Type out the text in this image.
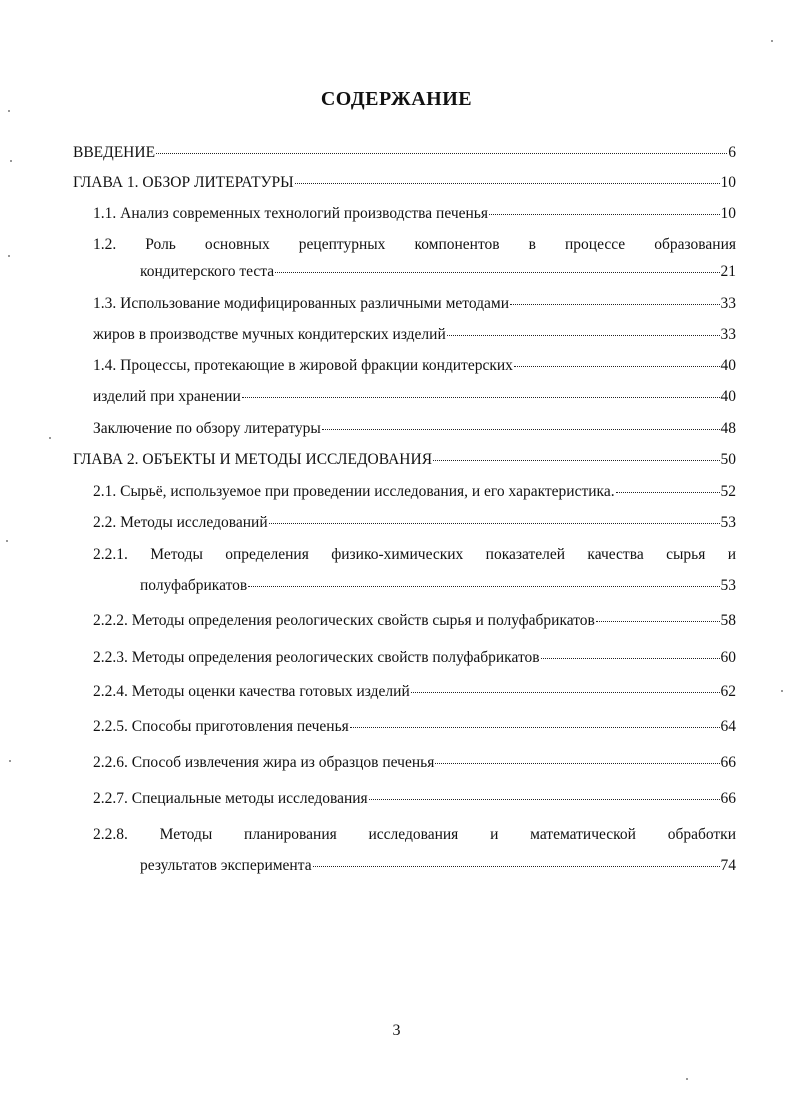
СОДЕРЖАНИЕ
ВВЕДЕНИЕ	6
ГЛАВА 1. ОБЗОР ЛИТЕРАТУРЫ	10
1.1. Анализ современных технологий производства печенья	10
1.2. Роль основных рецептурных компонентов в процессе образования
кондитерского теста	21
1.3. Использование модифицированных различными методами	33
жиров в производстве мучных кондитерских изделий	33
1.4. Процессы, протекающие в жировой фракции кондитерских	40
изделий при хранении	40
Заключение по обзору литературы	48
ГЛАВА 2. ОБЪЕКТЫ И МЕТОДЫ ИССЛЕДОВАНИЯ	50
2.1. Сырьё, используемое при проведении исследования, и его характеристика.	52
2.2. Методы исследований	53
2.2.1. Методы определения физико-химических показателей качества сырья и
полуфабрикатов	53
2.2.2. Методы определения реологических свойств сырья и полуфабрикатов	58
2.2.3. Методы определения реологических свойств полуфабрикатов	60
2.2.4. Методы оценки качества готовых изделий	62
2.2.5. Способы приготовления печенья	64
2.2.6. Способ извлечения жира из образцов печенья	66
2.2.7. Специальные методы исследования	66
2.2.8. Методы планирования исследования и математической обработки
результатов эксперимента	74
3
